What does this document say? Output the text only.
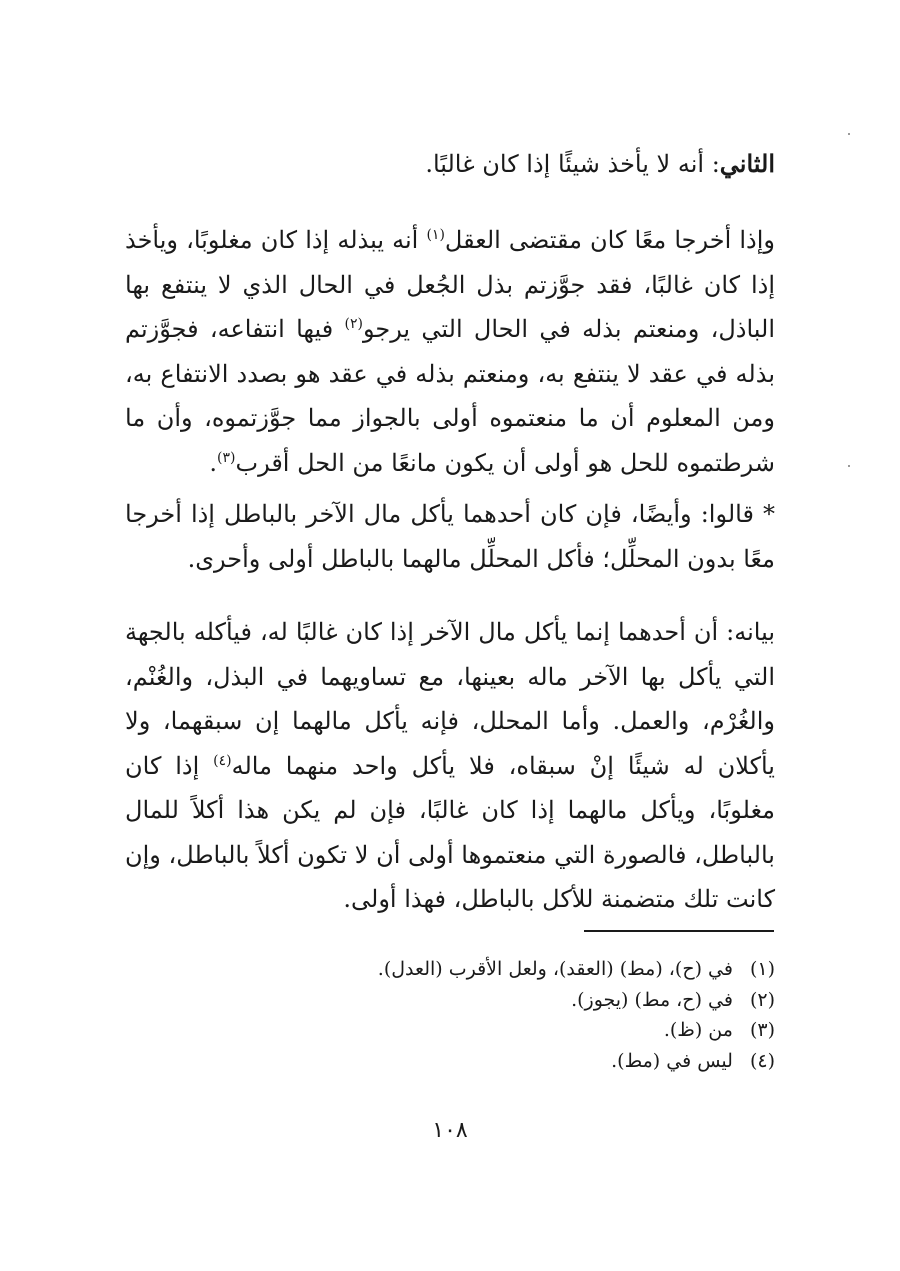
الثاني: أنه لا يأخذ شيئًا إذا كان غالبًا.

وإذا أخرجا معًا كان مقتضى العقل$^{(١)}$ أنه يبذله إذا كان مغلوبًا، ويأخذ إذا كان غالبًا، فقد جوَّزتم بذل الجُعل في الحال الذي لا ينتفع بها الباذل، ومنعتم بذله في الحال التي يرجو$^{(٢)}$ فيها انتفاعه، فجوَّزتم بذله في عقد لا ينتفع به، ومنعتم بذله في عقد هو بصدد الانتفاع به، ومن المعلوم أن ما منعتموه أولى بالجواز مما جوَّزتموه، وأن ما شرطتموه للحل هو أولى أن يكون مانعًا من الحل أقرب$^{(٣)}$.

* قالوا: وأيضًا، فإن كان أحدهما يأكل مال الآخر بالباطل إذا أخرجا معًا بدون المحلِّل؛ فأكل المحلِّل مالهما بالباطل أولى وأحرى.

بيانه: أن أحدهما إنما يأكل مال الآخر إذا كان غالبًا له، فيأكله بالجهة التي يأكل بها الآخر ماله بعينها، مع تساويهما في البذل، والغُنْم، والغُرْم، والعمل. وأما المحلل، فإنه يأكل مالهما إن سبقهما، ولا يأكلان له شيئًا إنْ سبقاه، فلا يأكل واحد منهما ماله$^{(٤)}$ إذا كان مغلوبًا، ويأكل مالهما إذا كان غالبًا، فإن لم يكن هذا أكلاً للمال بالباطل، فالصورة التي منعتموها أولى أن لا تكون أكلاً بالباطل، وإن كانت تلك متضمنة للأكل بالباطل، فهذا أولى.

(١) في (ح)، (مط) (العقد)، ولعل الأقرب (العدل).
(٢) في (ح، مط) (يجوز).
(٣) من (ظ).
(٤) ليس في (مط).
١٠٨
